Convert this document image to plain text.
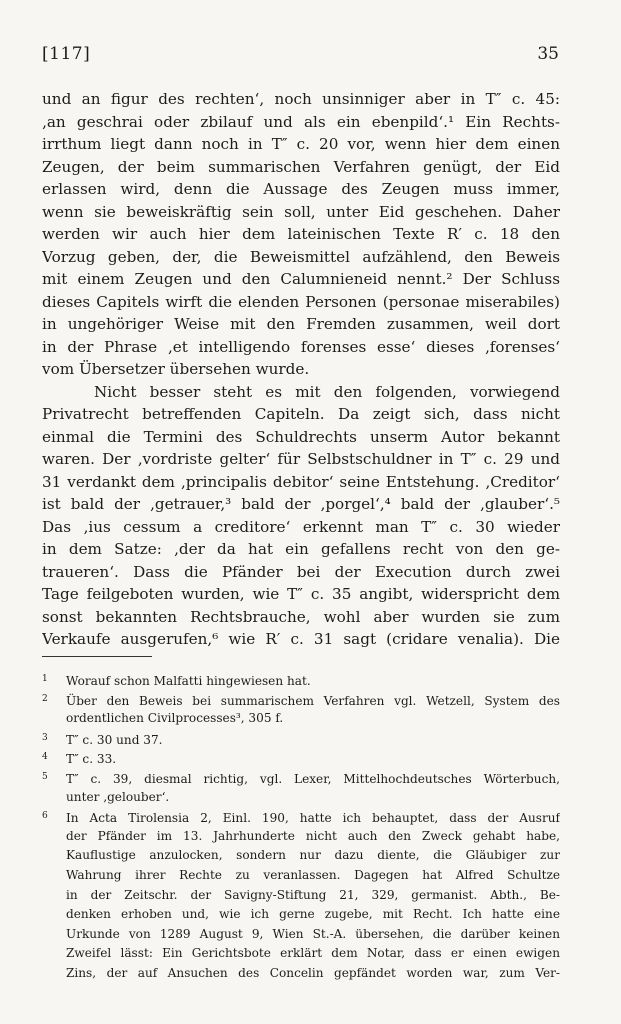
[117]	35
und an figur des rechten‘, noch unsinniger aber in T″ c. 45:
‚an geschrai oder zbilauf und als ein ebenpild‘.¹ Ein Rechts-
irrthum liegt dann noch in T″ c. 20 vor, wenn hier dem einen
Zeugen, der beim summarischen Verfahren genügt, der Eid
erlassen wird, denn die Aussage des Zeugen muss immer,
wenn sie beweiskräftig sein soll, unter Eid geschehen. Daher
werden wir auch hier dem lateinischen Texte R′ c. 18 den
Vorzug geben, der, die Beweismittel aufzählend, den Beweis
mit einem Zeugen und den Calumnieneid nennt.² Der Schluss
dieses Capitels wirft die elenden Personen (personae miserabiles)
in ungehöriger Weise mit den Fremden zusammen, weil dort
in der Phrase ‚et intelligendo forenses esse‘ dieses ‚forenses‘
vom Übersetzer übersehen wurde.
Nicht besser steht es mit den folgenden, vorwiegend
Privatrecht betreffenden Capiteln. Da zeigt sich, dass nicht
einmal die Termini des Schuldrechts unserm Autor bekannt
waren. Der ‚vordriste gelter‘ für Selbstschuldner in T″ c. 29 und
31 verdankt dem ‚principalis debitor‘ seine Entstehung. ‚Creditor‘
ist bald der ‚getrauer,³ bald der ‚porgel‘,⁴ bald der ‚glauber‘.⁵
Das ‚ius cessum a creditore‘ erkennt man T″ c. 30 wieder
in dem Satze: ‚der da hat ein gefallens recht von den ge-
traueren‘. Dass die Pfänder bei der Execution durch zwei
Tage feilgeboten wurden, wie T″ c. 35 angibt, widerspricht dem
sonst bekannten Rechtsbrauche, wohl aber wurden sie zum
Verkaufe ausgerufen,⁶ wie R′ c. 31 sagt (cridare venalia). Die
1 Worauf schon Malfatti hingewiesen hat.
2 Über den Beweis bei summarischem Verfahren vgl. Wetzell, System des
ordentlichen Civilprocesses³, 305 f.
3 T″ c. 30 und 37.
4 T″ c. 33.
5 T″ c. 39, diesmal richtig, vgl. Lexer, Mittelhochdeutsches Wörterbuch,
unter ‚gelouber‘.
6 In Acta Tirolensia 2, Einl. 190, hatte ich behauptet, dass der Ausruf
der Pfänder im 13. Jahrhunderte nicht auch den Zweck gehabt habe,
Kauflustige anzulocken, sondern nur dazu diente, die Gläubiger zur
Wahrung ihrer Rechte zu veranlassen. Dagegen hat Alfred Schultze
in der Zeitschr. der Savigny-Stiftung 21, 329, germanist. Abth., Be-
denken erhoben und, wie ich gerne zugebe, mit Recht. Ich hatte eine
Urkunde von 1289 August 9, Wien St.-A. übersehen, die darüber keinen
Zweifel lässt: Ein Gerichtsbote erklärt dem Notar, dass er einen ewigen
Zins, der auf Ansuchen des Concelin gepfändet worden war, zum Ver-
